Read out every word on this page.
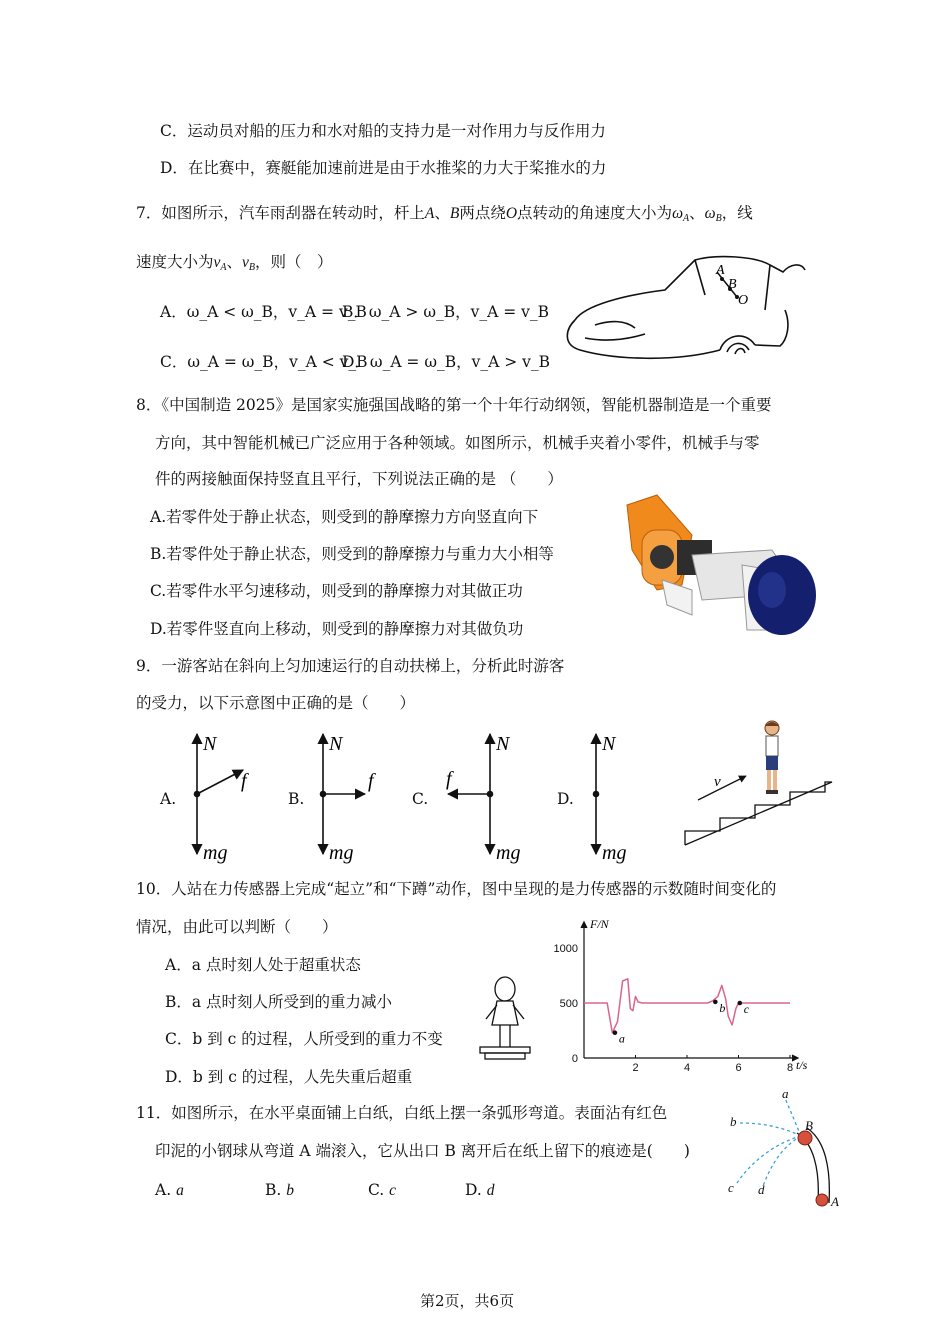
C．运动员对船的压力和水对船的支持力是一对作用力与反作用力
D．在比赛中，赛艇能加速前进是由于水推桨的力大于桨推水的力
7．如图所示，汽车雨刮器在转动时，杆上A、B两点绕O点转动的角速度大小为$\omega_A$、$\omega_B$，线
速度大小为$v_A$、$v_B$，则（　）
A．ω_A < ω_B，v_A = v_B
B．ω_A > ω_B，v_A = v_B
C．ω_A = ω_B，v_A < v_B
D．ω_A = ω_B，v_A > v_B
A
B
O
8．《中国制造 2025》是国家实施强国战略的第一个十年行动纲领，智能机器制造是一个重要
方向，其中智能机械已广泛应用于各种领域。如图所示，机械手夹着小零件，机械手与零
件的两接触面保持竖直且平行，下列说法正确的是 （　　）
A.若零件处于静止状态，则受到的静摩擦力方向竖直向下
B.若零件处于静止状态，则受到的静摩擦力与重力大小相等
C.若零件水平匀速移动，则受到的静摩擦力对其做正功
D.若零件竖直向上移动，则受到的静摩擦力对其做负功
9．一游客站在斜向上匀加速运行的自动扶梯上，分析此时游客
的受力，以下示意图中正确的是（　　）
A.	B.	C.	D.
N
mg
f
N
mg
f
N
mg
f
N
mg
v
10．人站在力传感器上完成“起立”和“下蹲”动作，图中呈现的是力传感器的示数随时间变化的
情况，由此可以判断（　　）
A．a 点时刻人处于超重状态
B．a 点时刻人所受到的重力减小
C．b 到 c 的过程，人所受到的重力不变
D．b 到 c 的过程，人先失重后超重
1000
500
0
2	4	6	8
a
b c
F/N
t/s
11．如图所示，在水平桌面铺上白纸，白纸上摆一条弧形弯道。表面沾有红色
印泥的小钢球从弯道 A 端滚入，它从出口 B 离开后在纸上留下的痕迹是(　　)
A. a	B. b	C. c	D. d
a
b
c d
B
A
第2页，共6页
